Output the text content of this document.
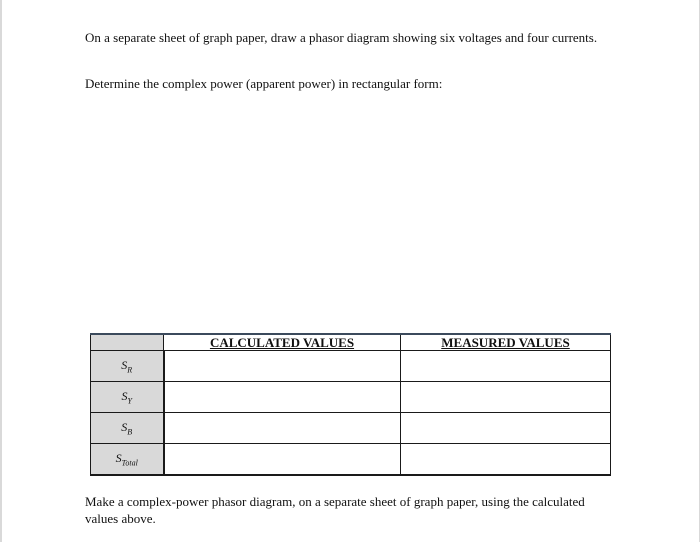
On a separate sheet of graph paper, draw a phasor diagram showing six voltages and four currents.

Determine the complex power (apparent power) in rectangular form:

	CALCULATED VALUES	MEASURED VALUES
$S_R$		
$S_Y$		
$S_B$		
$S_{Total}$		

Make a complex-power phasor diagram, on a separate sheet of graph paper, using the calculated values above.
